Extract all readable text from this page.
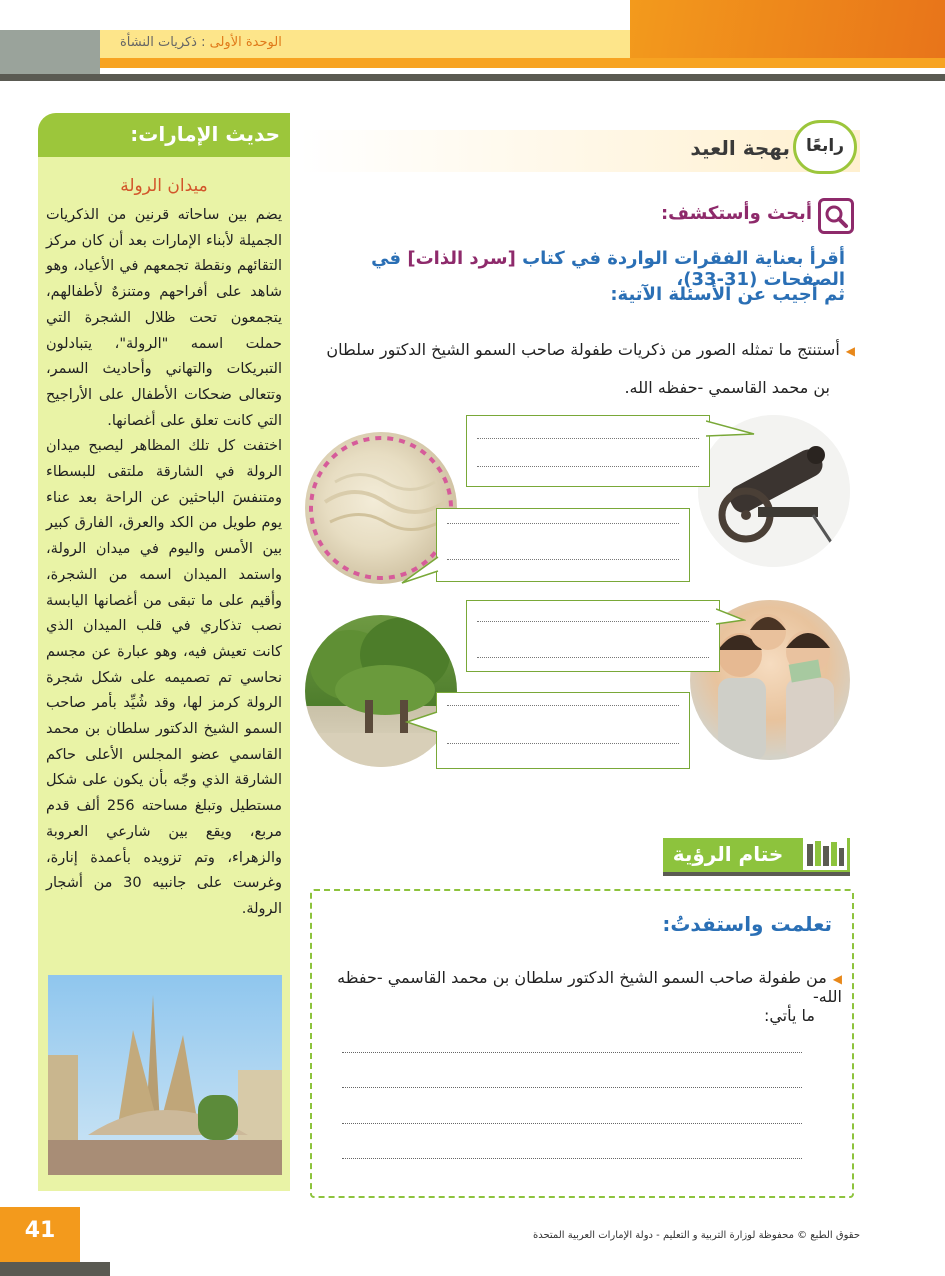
الوحدة الأولى : ذكريات النشأة
رابعًا
بهجة العيد
أبحث وأستكشف:
أقرأ بعناية الفقرات الواردة في كتاب [سرد الذات] في الصفحات (31-33)،
ثم أجيب عن الأسئلة الآتية:
◀أستنتج ما تمثله الصور من ذكريات طفولة صاحب السمو الشيخ الدكتور سلطان
بن محمد القاسمي -حفظه الله.
ختام الرؤية
تعلمت واستفدتُ:
◀من طفولة صاحب السمو الشيخ الدكتور سلطان بن محمد القاسمي -حفظه الله-
ما يأتي:
حديث الإمارات:
ميدان الرولة
يضم بين ساحاته قرنين من الذكريات الجميلة لأبناء الإمارات بعد أن كان مركز التقائهم ونقطة تجمعهم في الأعياد، وهو شاهد على أفراحهم ومتنزهٌ لأطفالهم، يتجمعون تحت ظلال الشجرة التي حملت اسمه "الرولة"، يتبادلون التبريكات والتهاني وأحاديث السمر، وتتعالى ضحكات الأطفال على الأراجيح التي كانت تعلق على أغصانها.
اختفت كل تلك المظاهر ليصبح ميدان الرولة في الشارقة ملتقى للبسطاء ومتنفسَ الباحثين عن الراحة بعد عناء يوم طويل من الكد والعرق، الفارق كبير بين الأمس واليوم في ميدان الرولة، واستمد الميدان اسمه من الشجرة، وأقيم على ما تبقى من أغصانها اليابسة نصب تذكاري في قلب الميدان الذي كانت تعيش فيه، وهو عبارة عن مجسم نحاسي تم تصميمه على شكل شجرة الرولة كرمز لها، وقد شُيِّد بأمر صاحب السمو الشيخ الدكتور سلطان بن محمد القاسمي عضو المجلس الأعلى حاكم الشارقة الذي وجّه بأن يكون على شكل مستطيل وتبلغ مساحته 256 ألف قدم مربع، ويقع بين شارعي العروبة والزهراء، وتم تزويده بأعمدة إنارة، وغرست على جانبيه 30 من أشجار الرولة.
41	حقوق الطبع © محفوظة لوزارة التربية و التعليم - دولة الإمارات العربية المتحدة
